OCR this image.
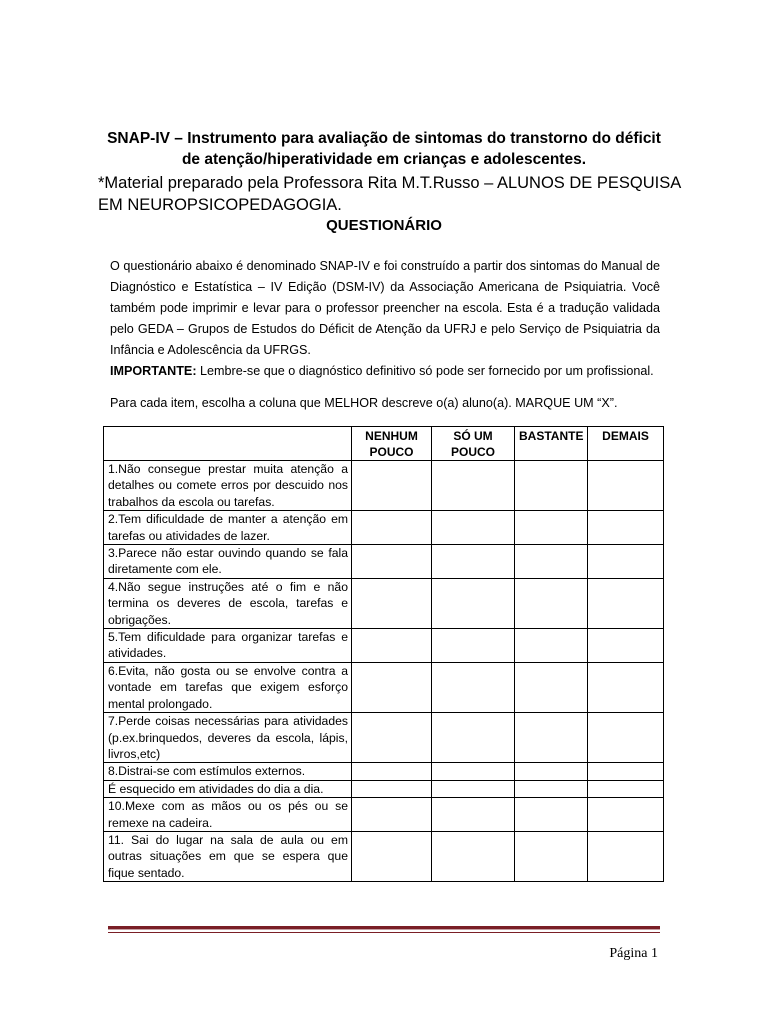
SNAP-IV – Instrumento para avaliação de sintomas do transtorno do déficit
de atenção/hiperatividade em crianças e adolescentes.
*Material preparado pela Professora Rita M.T.Russo – ALUNOS DE PESQUISA EM NEUROPSICOPEDAGOGIA.
QUESTIONÁRIO

O questionário abaixo é denominado SNAP-IV e foi construído a partir dos sintomas do Manual de Diagnóstico e Estatística – IV Edição (DSM-IV) da Associação Americana de Psiquiatria. Você também pode imprimir e levar para o professor preencher na escola. Esta é a tradução validada pelo GEDA – Grupos de Estudos do Déficit de Atenção da UFRJ e pelo Serviço de Psiquiatria da Infância e Adolescência da UFRGS.

IMPORTANTE: Lembre-se que o diagnóstico definitivo só pode ser fornecido por um profissional.

Para cada item, escolha a coluna que MELHOR descreve o(a) aluno(a). MARQUE UM “X”.

	NENHUM POUCO	SÓ UM POUCO	BASTANTE	DEMAIS
1.Não consegue prestar muita atenção a detalhes ou comete erros por descuido nos trabalhos da escola ou tarefas.				
2.Tem dificuldade de manter a atenção em tarefas ou atividades de lazer.				
3.Parece não estar ouvindo quando se fala diretamente com ele.				
4.Não segue instruções até o fim e não termina os deveres de escola, tarefas e obrigações.				
5.Tem dificuldade para organizar tarefas e atividades.				
6.Evita, não gosta ou se envolve contra a vontade em tarefas que exigem esforço mental prolongado.				
7.Perde coisas necessárias para atividades (p.ex.brinquedos, deveres da escola, lápis, livros,etc)				
8.Distrai-se com estímulos externos.				
É esquecido em atividades do dia a dia.				
10.Mexe com as mãos ou os pés ou se remexe na cadeira.				
11. Sai do lugar na sala de aula ou em outras situações em que se espera que fique sentado.				
Página 1
